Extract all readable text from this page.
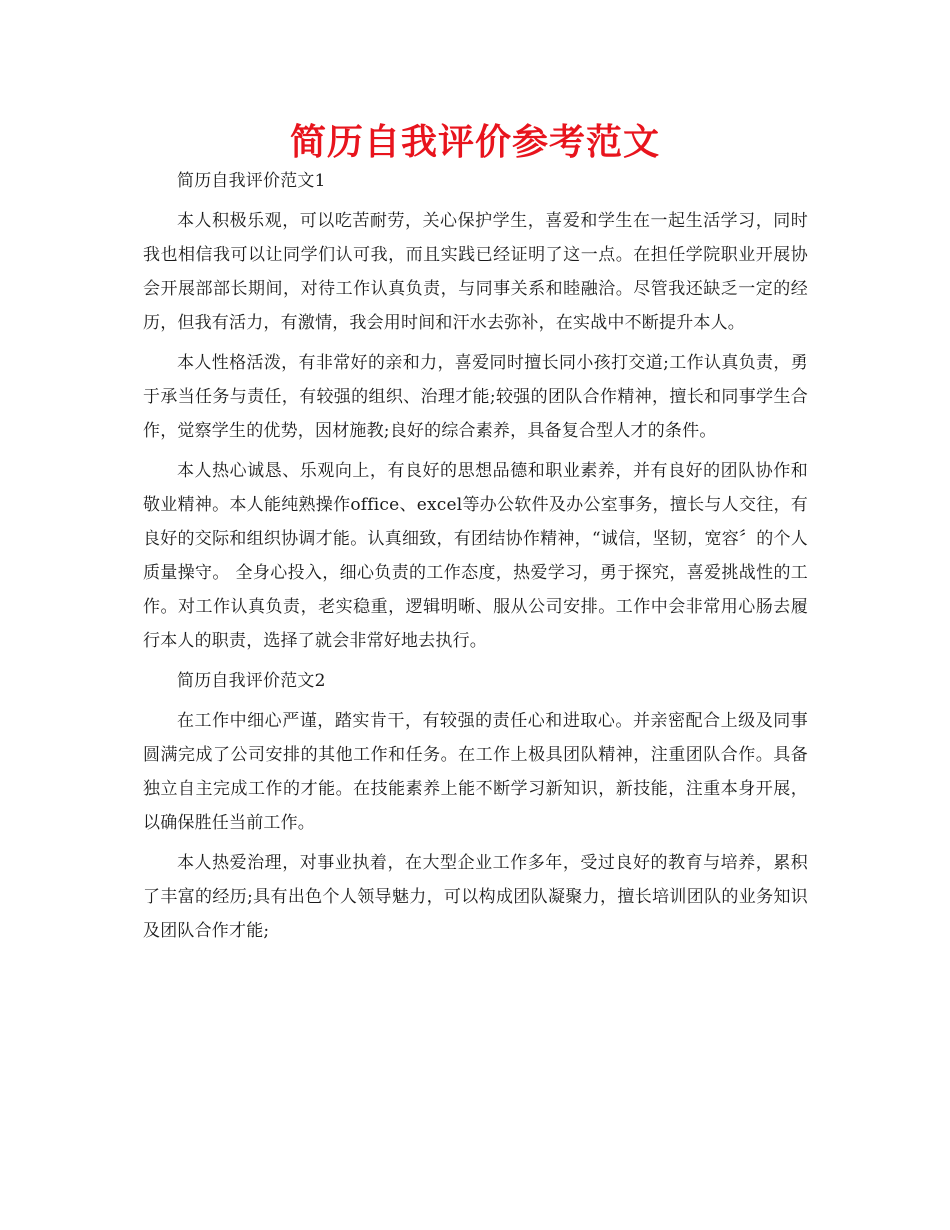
简历自我评价参考范文

简历自我评价范文1

本人积极乐观，可以吃苦耐劳，关心保护学生，喜爱和学生在一起生活学习，同时我也相信我可以让同学们认可我，而且实践已经证明了这一点。在担任学院职业开展协会开展部部长期间，对待工作认真负责，与同事关系和睦融洽。尽管我还缺乏一定的经历，但我有活力，有激情，我会用时间和汗水去弥补，在实战中不断提升本人。

本人性格活泼，有非常好的亲和力，喜爱同时擅长同小孩打交道;工作认真负责，勇于承当任务与责任，有较强的组织、治理才能;较强的团队合作精神，擅长和同事学生合作，觉察学生的优势，因材施教;良好的综合素养，具备复合型人才的条件。

本人热心诚恳、乐观向上，有良好的思想品德和职业素养，并有良好的团队协作和敬业精神。本人能纯熟操作office、excel等办公软件及办公室事务，擅长与人交往，有良好的交际和组织协调才能。认真细致，有团结协作精神，“诚信，坚韧，宽容〞的个人质量操守。 全身心投入，细心负责的工作态度，热爱学习，勇于探究，喜爱挑战性的工作。对工作认真负责，老实稳重，逻辑明晰、服从公司安排。工作中会非常用心肠去履行本人的职责，选择了就会非常好地去执行。

简历自我评价范文2

在工作中细心严谨，踏实肯干，有较强的责任心和进取心。并亲密配合上级及同事圆满完成了公司安排的其他工作和任务。在工作上极具团队精神，注重团队合作。具备独立自主完成工作的才能。在技能素养上能不断学习新知识，新技能，注重本身开展，以确保胜任当前工作。

本人热爱治理，对事业执着，在大型企业工作多年，受过良好的教育与培养，累积了丰富的经历;具有出色个人领导魅力，可以构成团队凝聚力，擅长培训团队的业务知识及团队合作才能;
